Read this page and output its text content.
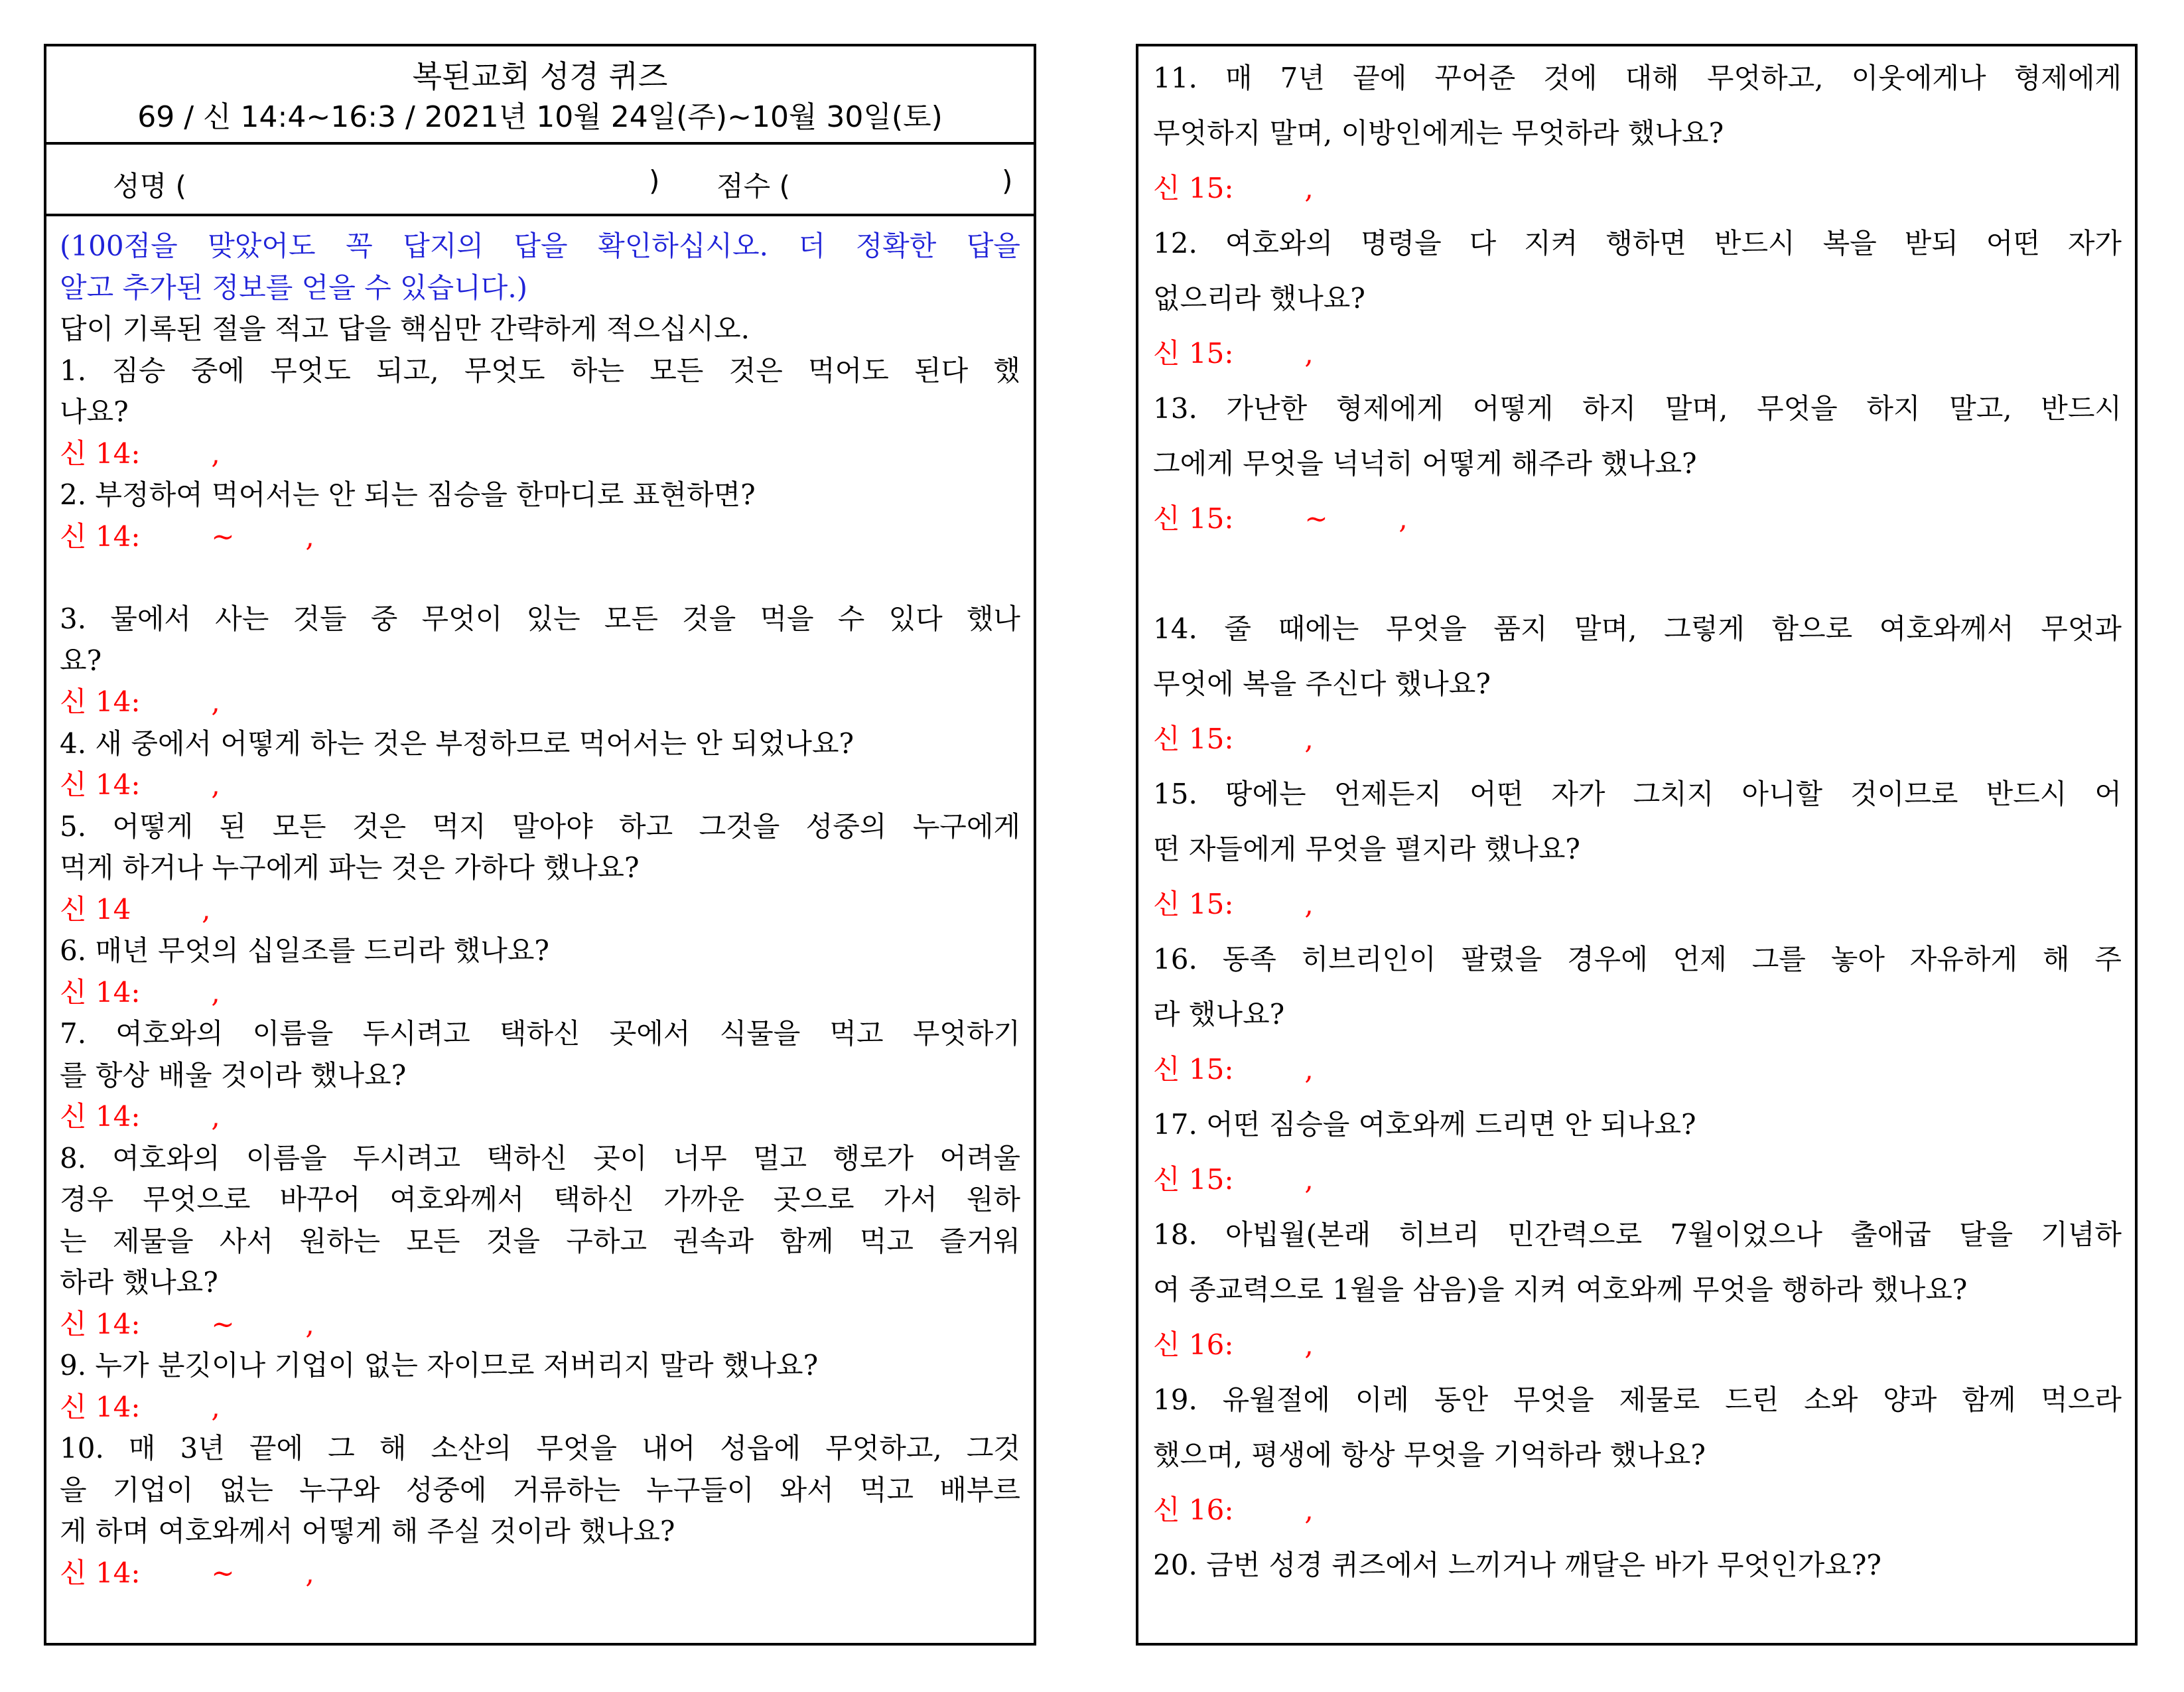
복된교회 성경 퀴즈
69 / 신 14:4~16:3 / 2021년 10월 24일(주)~10월 30일(토)
성명 (	) 점수 (	)
(100점을 맞았어도 꼭 답지의 답을 확인하십시오. 더 정확한 답을
알고 추가된 정보를 얻을 수 있습니다.)
답이 기록된 절을 적고 답을 핵심만 간략하게 적으십시오.
1. 짐승 중에 무엇도 되고, 무엇도 하는 모든 것은 먹어도 된다 했
나요?
신 14:        ,
2. 부정하여 먹어서는 안 되는 짐승을 한마디로 표현하면?
신 14:        ~        ,
3. 물에서 사는 것들 중 무엇이 있는 모든 것을 먹을 수 있다 했나
요?
신 14:        ,
4. 새 중에서 어떻게 하는 것은 부정하므로 먹어서는 안 되었나요?
신 14:        ,
5. 어떻게 된 모든 것은 먹지 말아야 하고 그것을 성중의 누구에게
먹게 하거나 누구에게 파는 것은 가하다 했나요?
신 14        ,
6. 매년 무엇의 십일조를 드리라 했나요?
신 14:        ,
7. 여호와의 이름을 두시려고 택하신 곳에서 식물을 먹고 무엇하기
를 항상 배울 것이라 했나요?
신 14:        ,
8. 여호와의 이름을 두시려고 택하신 곳이 너무 멀고 행로가 어려울
경우 무엇으로 바꾸어 여호와께서 택하신 가까운 곳으로 가서 원하
는 제물을 사서 원하는 모든 것을 구하고 권속과 함께 먹고 즐거워
하라 했나요?
신 14:        ~        ,
9. 누가 분깃이나 기업이 없는 자이므로 저버리지 말라 했나요?
신 14:        ,
10. 매 3년 끝에 그 해 소산의 무엇을 내어 성읍에 무엇하고, 그것
을 기업이 없는 누구와 성중에 거류하는 누구들이 와서 먹고 배부르
게 하며 여호와께서 어떻게 해 주실 것이라 했나요?
신 14:        ~        ,
11. 매 7년 끝에 꾸어준 것에 대해 무엇하고, 이웃에게나 형제에게
무엇하지 말며, 이방인에게는 무엇하라 했나요?
신 15:        ,
12. 여호와의 명령을 다 지켜 행하면 반드시 복을 받되 어떤 자가
없으리라 했나요?
신 15:        ,
13. 가난한 형제에게 어떻게 하지 말며, 무엇을 하지 말고, 반드시
그에게 무엇을 넉넉히 어떻게 해주라 했나요?
신 15:        ~        ,
14. 줄 때에는 무엇을 품지 말며, 그렇게 함으로 여호와께서 무엇과
무엇에 복을 주신다 했나요?
신 15:        ,
15. 땅에는 언제든지 어떤 자가 그치지 아니할 것이므로 반드시 어
떤 자들에게 무엇을 펼지라 했나요?
신 15:        ,
16. 동족 히브리인이 팔렸을 경우에 언제 그를 놓아 자유하게 해 주
라 했나요?
신 15:        ,
17. 어떤 짐승을 여호와께 드리면 안 되나요?
신 15:        ,
18. 아빕월(본래 히브리 민간력으로 7월이었으나 출애굽 달을 기념하
여 종교력으로 1월을 삼음)을 지켜 여호와께 무엇을 행하라 했나요?
신 16:        ,
19. 유월절에 이레 동안 무엇을 제물로 드린 소와 양과 함께 먹으라
했으며, 평생에 항상 무엇을 기억하라 했나요?
신 16:        ,
20. 금번 성경 퀴즈에서 느끼거나 깨달은 바가 무엇인가요??
